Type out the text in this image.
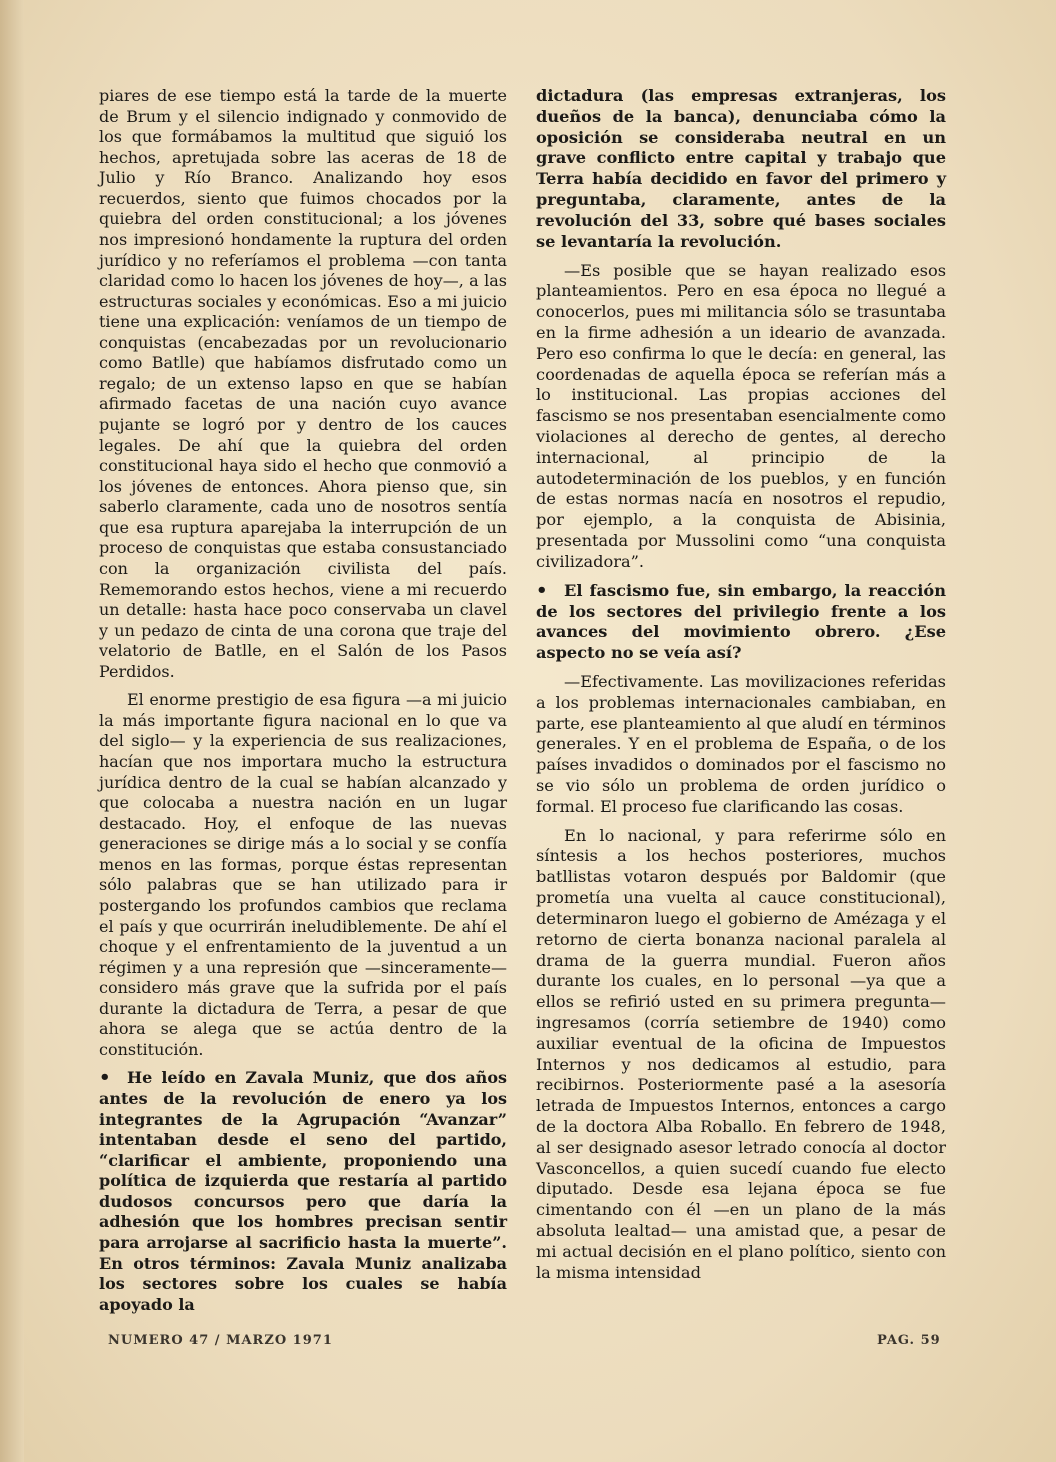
piares de ese tiempo está la tarde de la muerte de Brum y el silencio indignado y conmovido de los que formábamos la multitud que siguió los hechos, apretujada sobre las aceras de 18 de Julio y Río Branco. Analizando hoy esos recuerdos, siento que fuimos chocados por la quiebra del orden constitucional; a los jóvenes nos impresionó hondamente la ruptura del orden jurídico y no referíamos el problema —con tanta claridad como lo hacen los jóvenes de hoy—, a las estructuras sociales y económicas. Eso a mi juicio tiene una explicación: veníamos de un tiempo de conquistas (encabezadas por un revolucionario como Batlle) que habíamos disfrutado como un regalo; de un extenso lapso en que se habían afirmado facetas de una nación cuyo avance pujante se logró por y dentro de los cauces legales. De ahí que la quiebra del orden constitucional haya sido el hecho que conmovió a los jóvenes de entonces. Ahora pienso que, sin saberlo claramente, cada uno de nosotros sentía que esa ruptura aparejaba la interrupción de un proceso de conquistas que estaba consustanciado con la organización civilista del país. Rememorando estos hechos, viene a mi recuerdo un detalle: hasta hace poco conservaba un clavel y un pedazo de cinta de una corona que traje del velatorio de Batlle, en el Salón de los Pasos Perdidos.

El enorme prestigio de esa figura —a mi juicio la más importante figura nacional en lo que va del siglo— y la experiencia de sus realizaciones, hacían que nos importara mucho la estructura jurídica dentro de la cual se habían alcanzado y que colocaba a nuestra nación en un lugar destacado. Hoy, el enfoque de las nuevas generaciones se dirige más a lo social y se confía menos en las formas, porque éstas representan sólo palabras que se han utilizado para ir postergando los profundos cambios que reclama el país y que ocurrirán ineludiblemente. De ahí el choque y el enfrentamiento de la juventud a un régimen y a una represión que —sinceramente— considero más grave que la sufrida por el país durante la dictadura de Terra, a pesar de que ahora se alega que se actúa dentro de la constitución.

• He leído en Zavala Muniz, que dos años antes de la revolución de enero ya los integrantes de la Agrupación “Avanzar” intentaban desde el seno del partido, “clarificar el ambiente, proponiendo una política de izquierda que restaría al partido dudosos concursos pero que daría la adhesión que los hombres precisan sentir para arrojarse al sacrificio hasta la muerte”. En otros términos: Zavala Muniz analizaba los sectores sobre los cuales se había apoyado la

dictadura (las empresas extranjeras, los dueños de la banca), denunciaba cómo la oposición se consideraba neutral en un grave conflicto entre capital y trabajo que Terra había decidido en favor del primero y preguntaba, claramente, antes de la revolución del 33, sobre qué bases sociales se levantaría la revolución.

—Es posible que se hayan realizado esos planteamientos. Pero en esa época no llegué a conocerlos, pues mi militancia sólo se trasuntaba en la firme adhesión a un ideario de avanzada. Pero eso confirma lo que le decía: en general, las coordenadas de aquella época se referían más a lo institucional. Las propias acciones del fascismo se nos presentaban esencialmente como violaciones al derecho de gentes, al derecho internacional, al principio de la autodeterminación de los pueblos, y en función de estas normas nacía en nosotros el repudio, por ejemplo, a la conquista de Abisinia, presentada por Mussolini como “una conquista civilizadora”.

• El fascismo fue, sin embargo, la reacción de los sectores del privilegio frente a los avances del movimiento obrero. ¿Ese aspecto no se veía así?

—Efectivamente. Las movilizaciones referidas a los problemas internacionales cambiaban, en parte, ese planteamiento al que aludí en términos generales. Y en el problema de España, o de los países invadidos o dominados por el fascismo no se vio sólo un problema de orden jurídico o formal. El proceso fue clarificando las cosas.

En lo nacional, y para referirme sólo en síntesis a los hechos posteriores, muchos batllistas votaron después por Baldomir (que prometía una vuelta al cauce constitucional), determinaron luego el gobierno de Amézaga y el retorno de cierta bonanza nacional paralela al drama de la guerra mundial. Fueron años durante los cuales, en lo personal —ya que a ellos se refirió usted en su primera pregunta— ingresamos (corría setiembre de 1940) como auxiliar eventual de la oficina de Impuestos Internos y nos dedicamos al estudio, para recibirnos. Posteriormente pasé a la asesoría letrada de Impuestos Internos, entonces a cargo de la doctora Alba Roballo. En febrero de 1948, al ser designado asesor letrado conocía al doctor Vasconcellos, a quien sucedí cuando fue electo diputado. Desde esa lejana época se fue cimentando con él —en un plano de la más absoluta lealtad— una amistad que, a pesar de mi actual decisión en el plano político, siento con la misma intensidad

NUMERO 47 / MARZO 1971	PAG. 59
